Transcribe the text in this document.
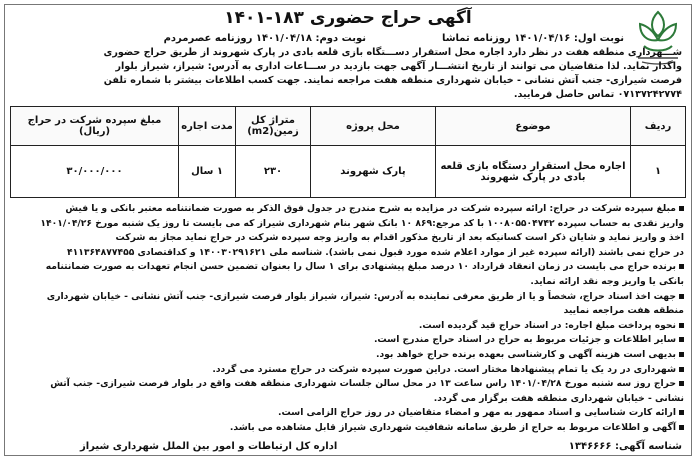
آگهی حراج حضوری ۱۸۳-۱۴۰۱
نوبت اول: ۱۴۰۱/۰۴/۱۶ روزنامه تماشا
نوبت دوم: ۱۴۰۱/۰۴/۱۸ روزنامه عصرمردم
شـــهرداری منطقه هفت در نظر دارد اجاره محل استقرار دســـتگاه بازی قلعه بادی در پارک شهروند از طریق حراج حضوری
واگذار نماید. لذا متقاضیان می توانند از تاریخ انتشـــار آگهی جهت بازدید در ســـاعات اداری به آدرس: شیراز، شیراز بلوار
فرصت شیرازی- جنب آتش نشانی - خیابان شهرداری منطقه هفت مراجعه نمایند. جهت کسب اطلاعات بیشتر با شماره تلفن
۰۷۱۳۷۲۴۲۷۷۴ تماس حاصل فرمایید.
ردیف	موضوع	محل پروژه	متراژ کل زمین(m2)	مدت اجاره	مبلغ سپرده شرکت در حراج (ریال)
۱	اجاره محل استقرار دستگاه بازی قلعه بادی در پارک شهروند	پارک شهروند	۲۳۰	۱ سال	۳۰/۰۰۰/۰۰۰
مبلغ سپرده شرکت در حراج: ارائه سپرده شرکت در مزایده به شرح مندرج در جدول فوق الذکر به صورت ضمانتنامه معتبر بانکی و یا فیش
واریز نقدی به حساب سپرده ۱۰۰۸۰۵۵۰۴۷۴۲ با کد مرجع:۸۶۹ ۱۰ بانک شهر بنام شهرداری شیراز که می بایست تا روز یک شنبه مورخ ۱۴۰۱/۰۴/۲۶
اخذ و واریز نماید و شایان ذکر است کسانیکه بعد از تاریخ مذکور اقدام به واریز وجه سپرده شرکت در حراج نماید مجاز به شرکت
در حراج نمی باشند (ارائه سپرده غیر از موارد اعلام شده مورد قبول نمی باشد). شناسه ملی ۱۴۰۰۳۰۲۹۱۶۲۱ و کداقتصادی ۴۱۱۳۶۴۸۷۷۴۵۵
برنده حراج می بایست در زمان انعقاد قرارداد ۱۰ درصد مبلغ پیشنهادی برای ۱ سال را بعنوان تضمین حسن انجام تعهدات به صورت ضمانتنامه
بانکی یا واریز وجه نقد ارائه نماید.
جهت اخذ اسناد حراج، شخصاً و یا از طریق معرفی نماینده به آدرس: شیراز، شیراز بلوار فرصت شیرازی- جنب آتش نشانی - خیابان شهرداری
منطقه هفت مراجعه نمایید
نحوه پرداخت مبلغ اجاره: در اسناد حراج قید گردیده است.
سایر اطلاعات و جزئیات مربوط به حراج در اسناد حراج مندرج است.
بدیهی است هزینه آگهی و کارشناسی بعهده برنده حراج خواهد بود.
شهرداری در رد یک یا تمام پیشنهادها مختار است. دراین صورت سپرده شرکت در حراج مسترد می گردد.
حراج روز سه شنبه مورخ ۱۴۰۱/۰۴/۲۸ راس ساعت ۱۳ در محل سالن جلسات شهرداری منطقه هفت واقع در بلوار فرصت شیرازی- جنب آتش
نشانی - خیابان شهرداری منطقه هفت برگزار می گردد.
ارائه کارت شناسایی و اسناد ممهور به مهر و امضاء متقاضیان در روز حراج الزامی است.
آگهی و اطلاعات مربوط به حراج از طریق سامانه شفافیت شهرداری شیراز قابل مشاهده می باشد.
اداره کل ارتباطات و امور بین الملل شهرداری شیراز	شناسه آگهی: ۱۳۴۶۶۶۶
